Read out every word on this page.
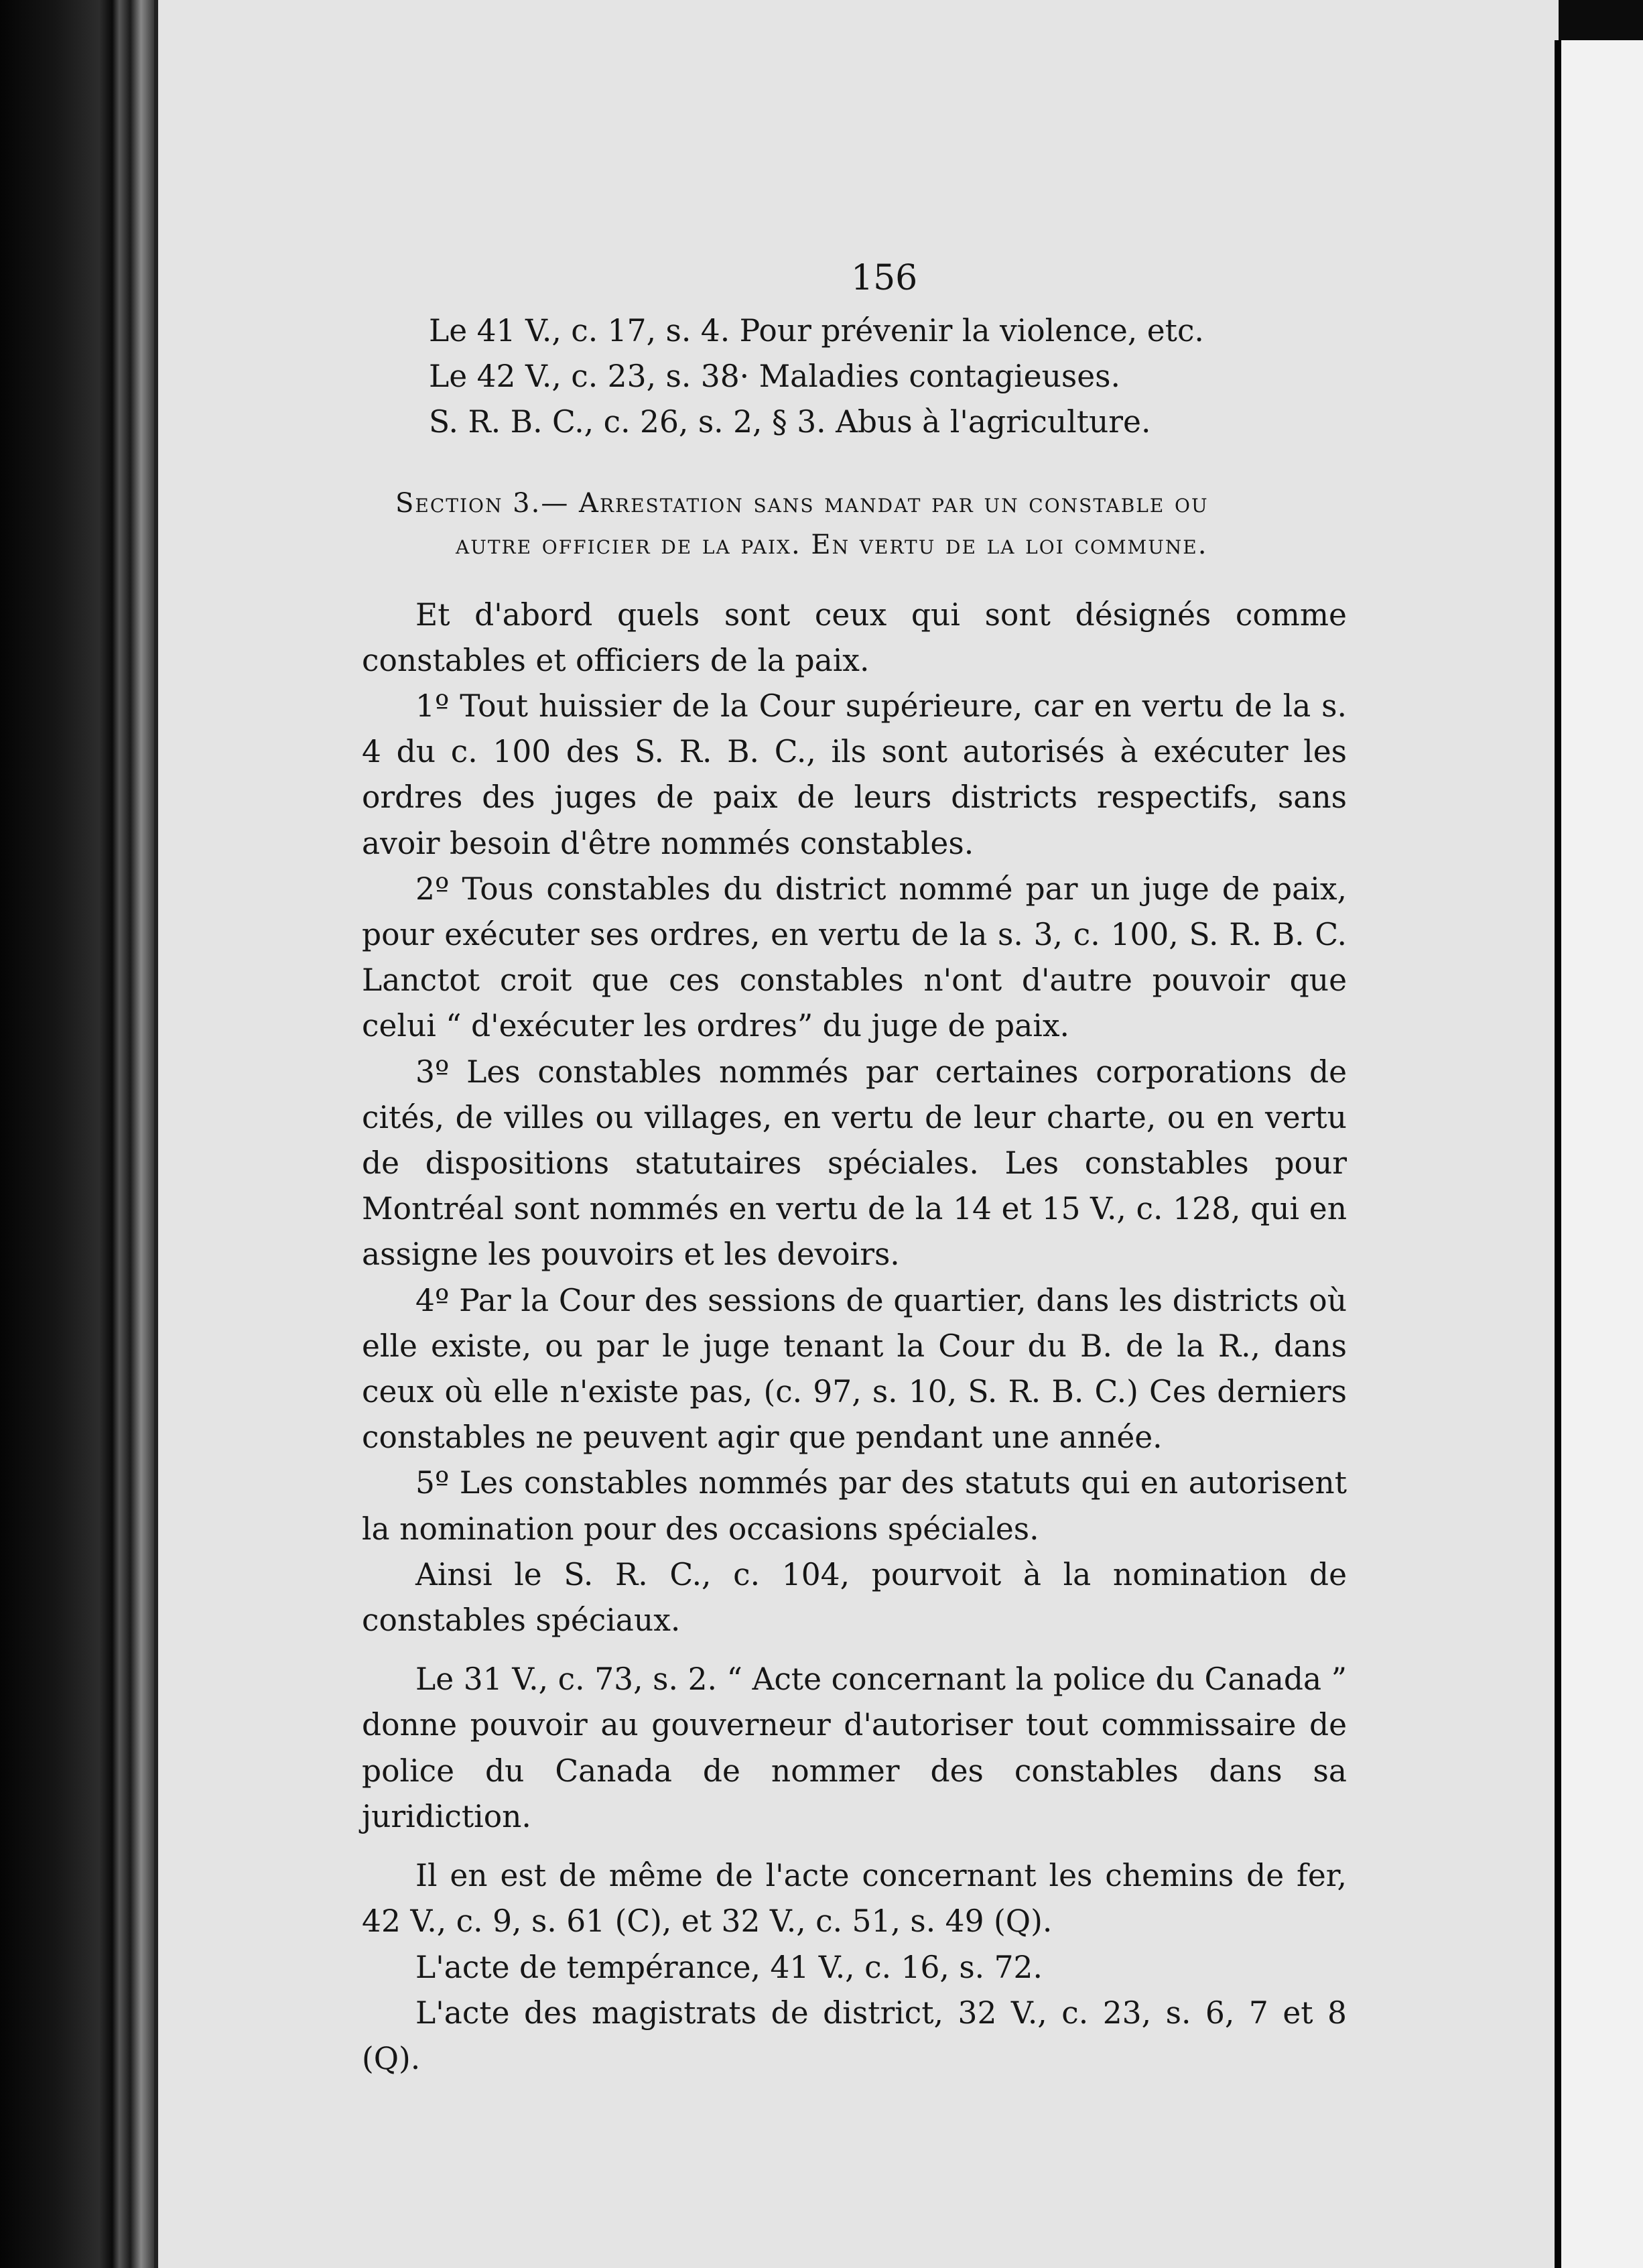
156

Le 41 V., c. 17, s. 4. Pour prévenir la violence, etc.

Le 42 V., c. 23, s. 38· Maladies contagieuses.

S. R. B. C., c. 26, s. 2, § 3. Abus à l'agriculture.

Section 3.— Arrestation sans mandat par un constable ou
autre officier de la paix. En vertu de la loi commune.

Et d'abord quels sont ceux qui sont désignés comme constables et officiers de la paix.

1º Tout huissier de la Cour supérieure, car en vertu de la s. 4 du c. 100 des S. R. B. C., ils sont autorisés à exécuter les ordres des juges de paix de leurs districts respectifs, sans avoir besoin d'être nommés constables.

2º Tous constables du district nommé par un juge de paix, pour exécuter ses ordres, en vertu de la s. 3, c. 100, S. R. B. C. Lanctot croit que ces constables n'ont d'autre pouvoir que celui “ d'exécuter les ordres” du juge de paix.

3º Les constables nommés par certaines corporations de cités, de villes ou villages, en vertu de leur charte, ou en vertu de dispositions statutaires spéciales. Les constables pour Montréal sont nommés en vertu de la 14 et 15 V., c. 128, qui en assigne les pouvoirs et les devoirs.

4º Par la Cour des sessions de quartier, dans les districts où elle existe, ou par le juge tenant la Cour du B. de la R., dans ceux où elle n'existe pas, (c. 97, s. 10, S. R. B. C.) Ces derniers constables ne peuvent agir que pendant une année.

5º Les constables nommés par des statuts qui en autorisent la nomination pour des occasions spéciales.

Ainsi le S. R. C., c. 104, pourvoit à la nomination de constables spéciaux.

Le 31 V., c. 73, s. 2. “ Acte concernant la police du Canada ” donne pouvoir au gouverneur d'autoriser tout commissaire de police du Canada de nommer des constables dans sa juridiction.

Il en est de même de l'acte concernant les chemins de fer, 42 V., c. 9, s. 61 (C), et 32 V., c. 51, s. 49 (Q).

L'acte de tempérance, 41 V., c. 16, s. 72.

L'acte des magistrats de district, 32 V., c. 23, s. 6, 7 et 8 (Q).
